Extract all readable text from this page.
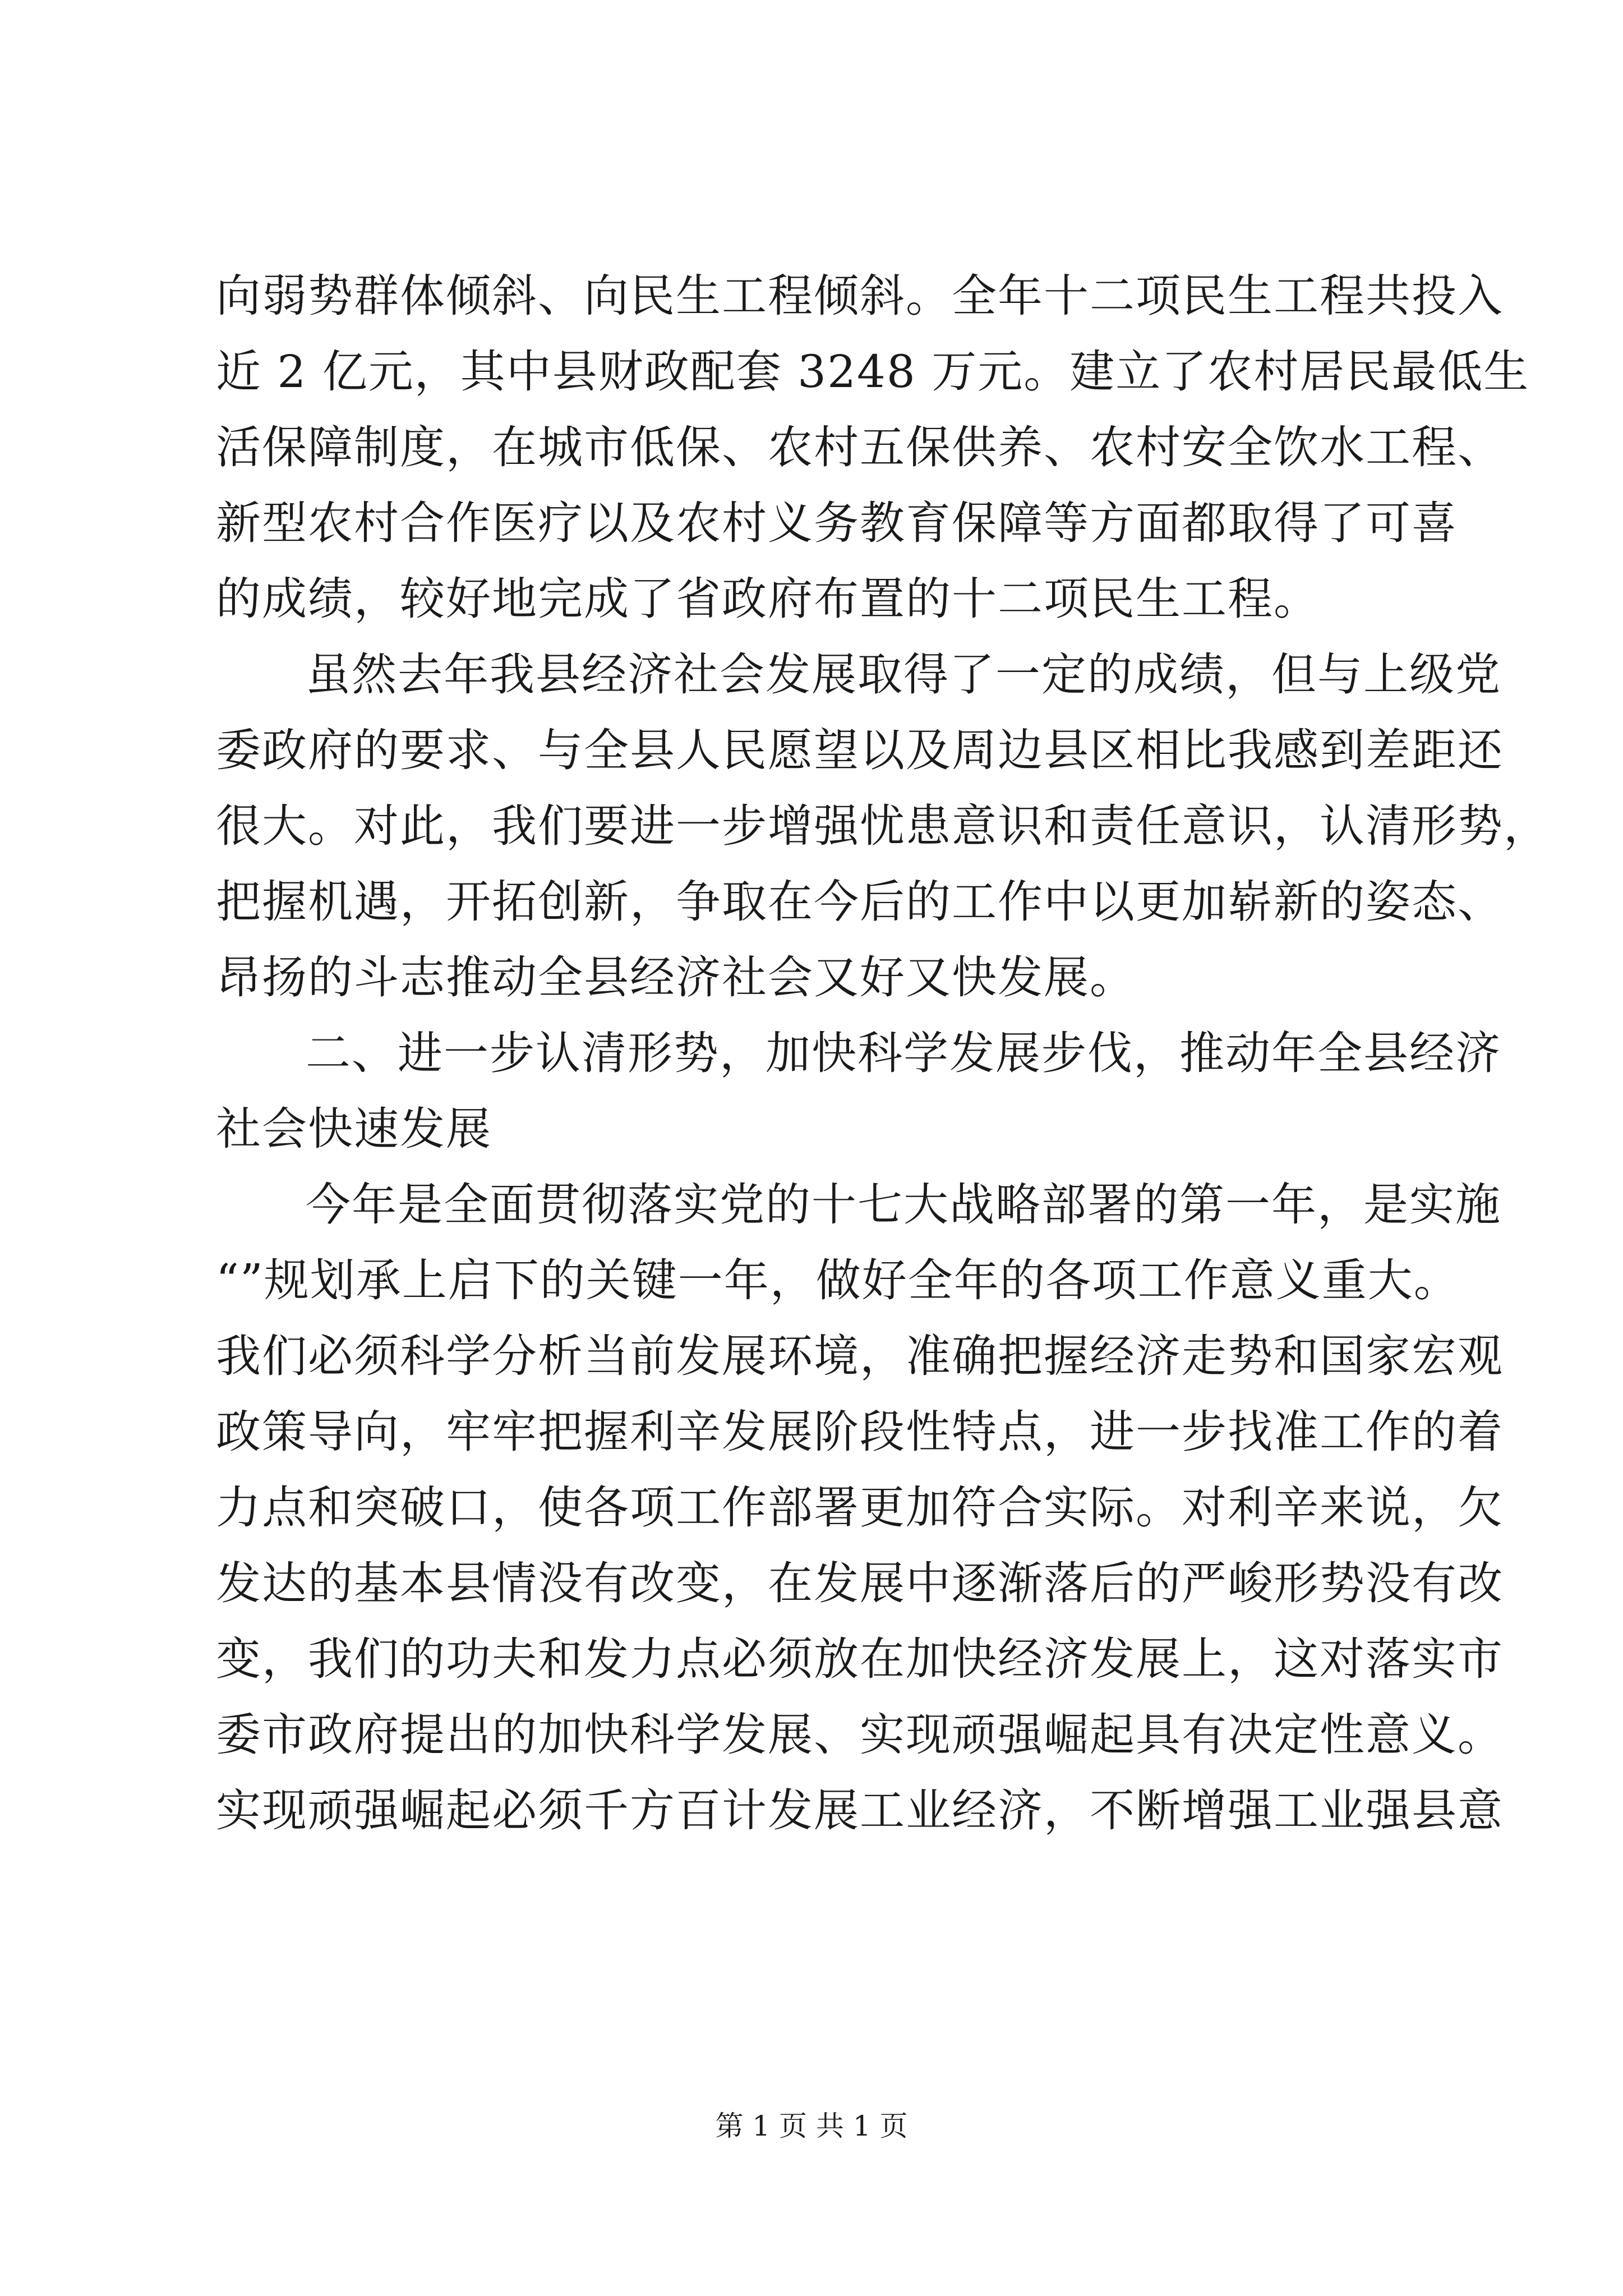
向弱势群体倾斜、向民生工程倾斜。全年十二项民生工程共投入
近 2 亿元，其中县财政配套 3248 万元。建立了农村居民最低生
活保障制度，在城市低保、农村五保供养、农村安全饮水工程、
新型农村合作医疗以及农村义务教育保障等方面都取得了可喜
的成绩，较好地完成了省政府布置的十二项民生工程。
虽然去年我县经济社会发展取得了一定的成绩，但与上级党
委政府的要求、与全县人民愿望以及周边县区相比我感到差距还
很大。对此，我们要进一步增强忧患意识和责任意识，认清形势，
把握机遇，开拓创新，争取在今后的工作中以更加崭新的姿态、
昂扬的斗志推动全县经济社会又好又快发展。
二、进一步认清形势，加快科学发展步伐，推动年全县经济
社会快速发展
今年是全面贯彻落实党的十七大战略部署的第一年，是实施
“”规划承上启下的关键一年，做好全年的各项工作意义重大。
我们必须科学分析当前发展环境，准确把握经济走势和国家宏观
政策导向，牢牢把握利辛发展阶段性特点，进一步找准工作的着
力点和突破口，使各项工作部署更加符合实际。对利辛来说，欠
发达的基本县情没有改变，在发展中逐渐落后的严峻形势没有改
变，我们的功夫和发力点必须放在加快经济发展上，这对落实市
委市政府提出的加快科学发展、实现顽强崛起具有决定性意义。
实现顽强崛起必须千方百计发展工业经济，不断增强工业强县意
第 1 页 共 1 页
